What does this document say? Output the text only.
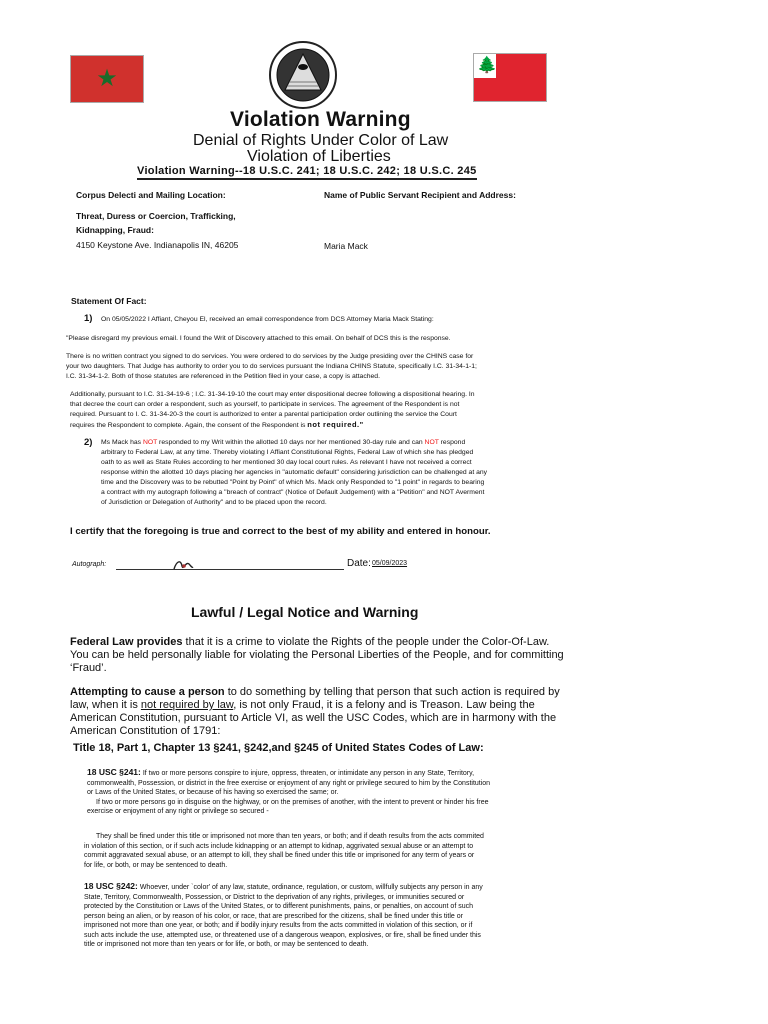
★	🌲
Violation Warning
Denial of Rights Under Color of Law
Violation of Liberties
Violation Warning--18 U.S.C. 241; 18 U.S.C. 242; 18 U.S.C. 245
Corpus Delecti and Mailing Location:	Name of Public Servant Recipient and Address:
Threat, Duress or Coercion, Trafficking,
Kidnapping, Fraud:
4150 Keystone Ave. Indianapolis IN, 46205	Maria Mack
Statement Of Fact:
1) On 05/05/2022 I Affiant, Cheyou El, received an email correspondence from DCS Attorney Maria Mack Stating:
"Please disregard my previous email. I found the Writ of Discovery attached to this email. On behalf of DCS this is the response.
There is no written contract you signed to do services. You were ordered to do services by the Judge presiding over the CHINS case for
your two daughters. That Judge has authority to order you to do services pursuant the Indiana CHINS Statute, specifically I.C. 31-34-1-1;
I.C. 31-34-1-2. Both of those statutes are referenced in the Petition filed in your case, a copy is attached.
Additionally, pursuant to I.C. 31-34-19-6 ; I.C. 31-34-19-10 the court may enter dispositional decree following a dispositional hearing. In
that decree the court can order a respondent, such as yourself, to participate in services. The agreement of the Respondent is not
required. Pursuant to I. C. 31-34-20-3 the court is authorized to enter a parental participation order outlining the service the Court
requires the Respondent to complete. Again, the consent of the Respondent is not required."
2) Ms Mack has NOT responded to my Writ within the allotted 10 days nor her mentioned 30-day rule and can NOT respond
arbitrary to Federal Law, at any time. Thereby violating I Affiant Constitutional Rights, Federal Law of which she has pledged
oath to as well as State Rules according to her mentioned 30 day local court rules. As relevant I have not received a correct
response within the allotted 10 days placing her agencies in "automatic default" considering jurisdiction can be challenged at any
time and the Discovery was to be rebutted "Point by Point" of which Ms. Mack only Responded to "1 point" in regards to bearing
a contract with my autograph following a "breach of contract" (Notice of Default Judgement) with a "Petition" and NOT Averment
of Jurisdiction or Delegation of Authority" and to be placed upon the record.
I certify that the foregoing is true and correct to the best of my ability and entered in honour.
Autograph:	Date: 05/09/2023
Lawful / Legal Notice and Warning
Federal Law provides that it is a crime to violate the Rights of the people under the Color-Of-Law.
You can be held personally liable for violating the Personal Liberties of the People, and for committing
‘Fraud’.
Attempting to cause a person to do something by telling that person that such action is required by
law, when it is not required by law, is not only Fraud, it is a felony and is Treason. Law being the
American Constitution, pursuant to Article VI, as well the USC Codes, which are in harmony with the
American Constitution of 1791:
Title 18, Part 1, Chapter 13 §241, §242,and §245 of United States Codes of Law:
18 USC §241: If two or more persons conspire to injure, oppress, threaten, or intimidate any person in any State, Territory,
commonwealth, Possession, or district in the free exercise or enjoyment of any right or privilege secured to him by the Constitution
or Laws of the United States, or because of his having so exercised the same; or.
If two or more persons go in disguise on the highway, or on the premises of another, with the intent to prevent or hinder his free
exercise or enjoyment of any right or privilege so secured -
They shall be fined under this title or imprisoned not more than ten years, or both; and if death results from the acts commited
in violation of this section, or if such acts include kidnapping or an attempt to kidnap, aggrivated sexual abuse or an attempt to
commit aggravated sexual abuse, or an attempt to kill, they shall be fined under this title or imprisoned for any term of years or
for life, or both, or may be sentenced to death.
18 USC §242: Whoever, under `color' of any law, statute, ordinance, regulation, or custom, willfully subjects any person in any
State, Territory, Commonwealth, Possession, or District to the deprivation of any rights, privileges, or immunities secured or
protected by the Constitution or Laws of the United States, or to different punishments, pains, or penalties, on account of such
person being an alien, or by reason of his color, or race, that are prescribed for the citizens, shall be fined under this title or
imprisoned not more than one year, or both; and if bodily injury results from the acts committed in violation of this section, or if
such acts include the use, attempted use, or threatened use of a dangerous weapon, explosives, or fire, shall be fined under this
title or imprisoned not more than ten years or for life, or both, or may be sentenced to death.
